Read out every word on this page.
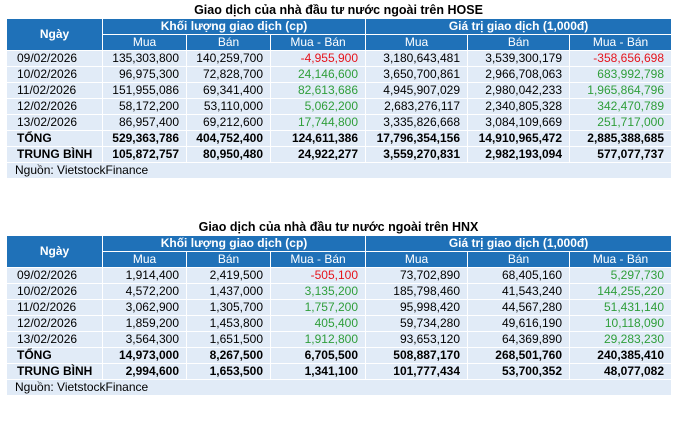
Giao dịch của nhà đầu tư nước ngoài trên HOSE
Ngày	Khối lượng giao dịch (cp)			Giá trị giao dịch (1,000đ)		
	Mua	Bán	Mua - Bán	Mua	Bán	Mua - Bán
09/02/2026	135,303,800	140,259,700	-4,955,900	3,180,643,481	3,539,300,179	-358,656,698
10/02/2026	96,975,300	72,828,700	24,146,600	3,650,700,861	2,966,708,063	683,992,798
11/02/2026	151,955,086	69,341,400	82,613,686	4,945,907,029	2,980,042,233	1,965,864,796
12/02/2026	58,172,200	53,110,000	5,062,200	2,683,276,117	2,340,805,328	342,470,789
13/02/2026	86,957,400	69,212,600	17,744,800	3,335,826,668	3,084,109,669	251,717,000
TỔNG	529,363,786	404,752,400	124,611,386	17,796,354,156	14,910,965,472	2,885,388,685
TRUNG BÌNH	105,872,757	80,950,480	24,922,277	3,559,270,831	2,982,193,094	577,077,737
Nguồn: VietstockFinance						
Giao dịch của nhà đầu tư nước ngoài trên HNX
Ngày	Khối lượng giao dịch (cp)			Giá trị giao dịch (1,000đ)		
	Mua	Bán	Mua - Bán	Mua	Bán	Mua - Bán
09/02/2026	1,914,400	2,419,500	-505,100	73,702,890	68,405,160	5,297,730
10/02/2026	4,572,200	1,437,000	3,135,200	185,798,460	41,543,240	144,255,220
11/02/2026	3,062,900	1,305,700	1,757,200	95,998,420	44,567,280	51,431,140
12/02/2026	1,859,200	1,453,800	405,400	59,734,280	49,616,190	10,118,090
13/02/2026	3,564,300	1,651,500	1,912,800	93,653,120	64,369,890	29,283,230
TỔNG	14,973,000	8,267,500	6,705,500	508,887,170	268,501,760	240,385,410
TRUNG BÌNH	2,994,600	1,653,500	1,341,100	101,777,434	53,700,352	48,077,082
Nguồn: VietstockFinance						
